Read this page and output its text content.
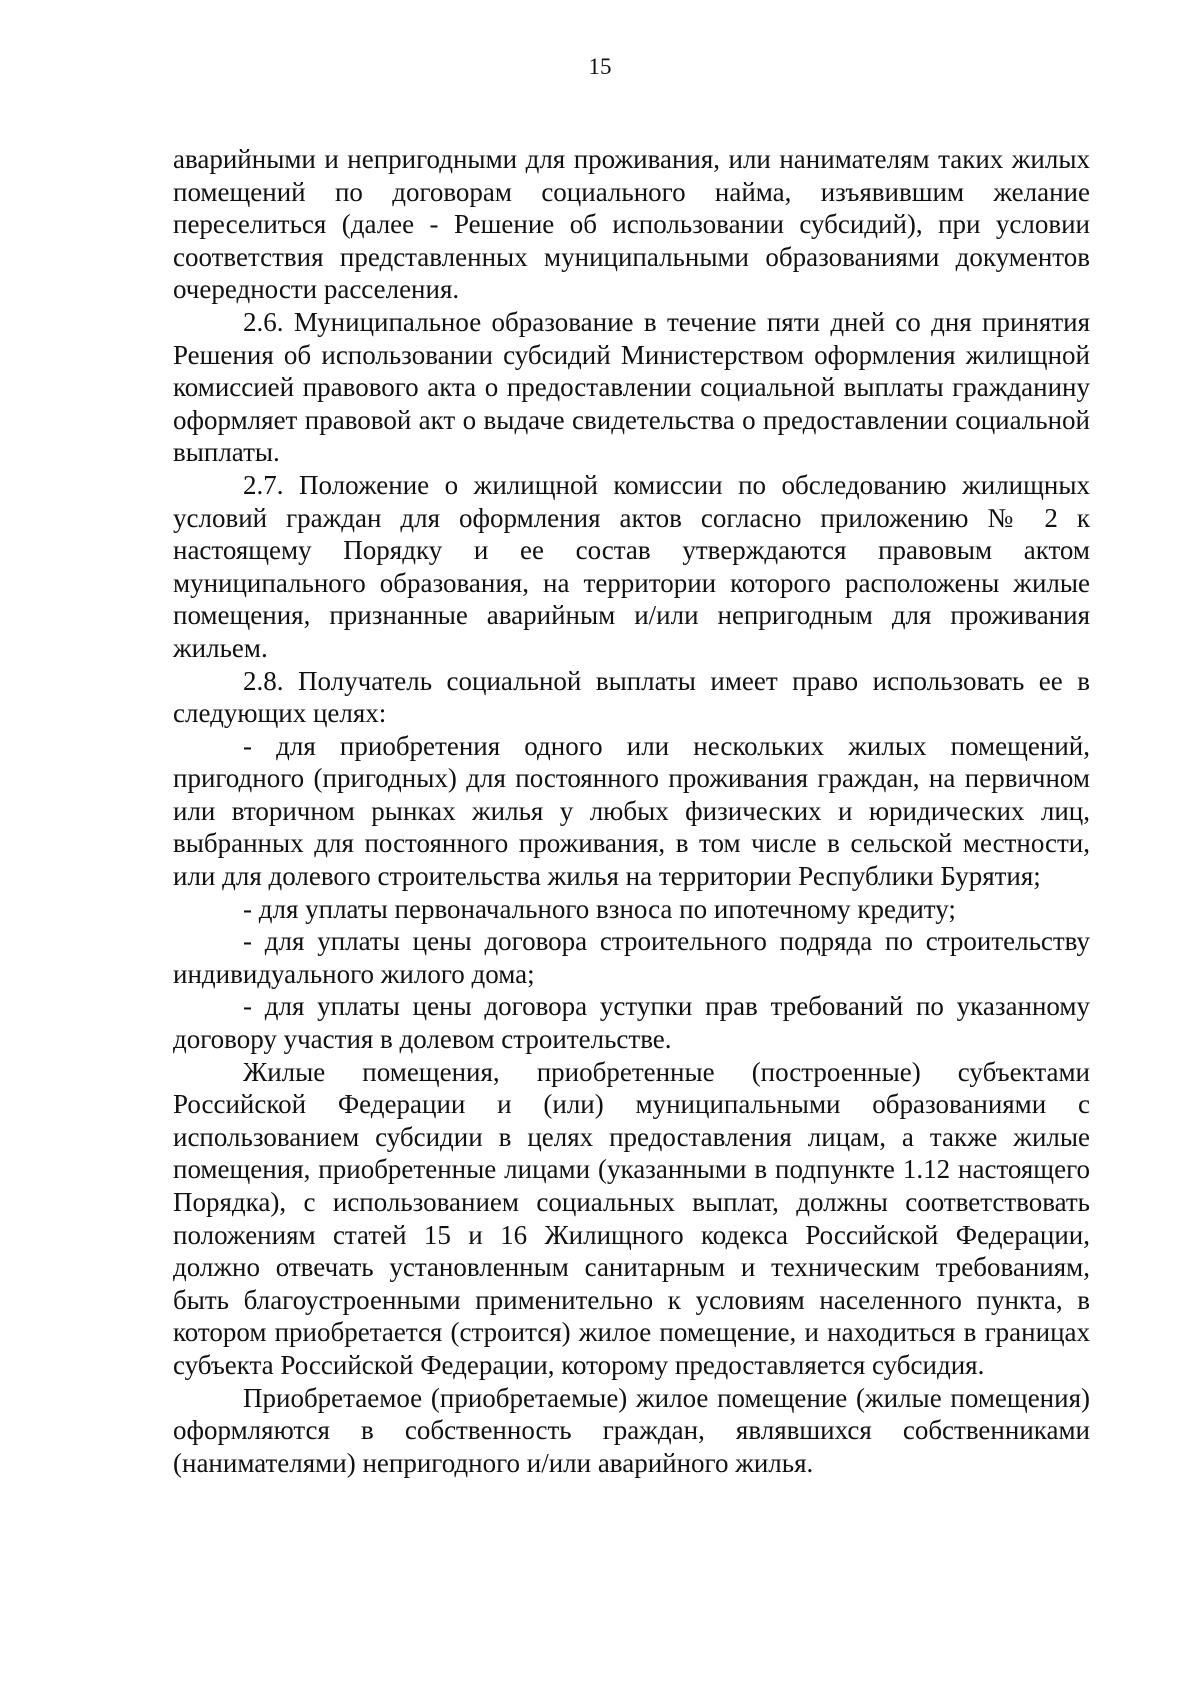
15

аварийными и непригодными для проживания, или нанимателям таких жилых помещений по договорам социального найма, изъявившим желание переселиться (далее - Решение об использовании субсидий), при условии соответствия представленных муниципальными образованиями документов очередности расселения.

2.6. Муниципальное образование в течение пяти дней со дня принятия Решения об использовании субсидий Министерством оформления жилищной комиссией правового акта о предоставлении социальной выплаты гражданину оформляет правовой акт о выдаче свидетельства о предоставлении социальной выплаты.

2.7. Положение о жилищной комиссии по обследованию жилищных условий граждан для оформления актов согласно приложению № 2 к настоящему Порядку и ее состав утверждаются правовым актом муниципального образования, на территории которого расположены жилые помещения, признанные аварийным и/или непригодным для проживания жильем.

2.8. Получатель социальной выплаты имеет право использовать ее в следующих целях:

- для приобретения одного или нескольких жилых помещений, пригодного (пригодных) для постоянного проживания граждан, на первичном или вторичном рынках жилья у любых физических и юридических лиц, выбранных для постоянного проживания, в том числе в сельской местности, или для долевого строительства жилья на территории Республики Бурятия;

- для уплаты первоначального взноса по ипотечному кредиту;

- для уплаты цены договора строительного подряда по строительству индивидуального жилого дома;

- для уплаты цены договора уступки прав требований по указанному договору участия в долевом строительстве.

Жилые помещения, приобретенные (построенные) субъектами Российской Федерации и (или) муниципальными образованиями с использованием субсидии в целях предоставления лицам, а также жилые помещения, приобретенные лицами (указанными в подпункте 1.12 настоящего Порядка), с использованием социальных выплат, должны соответствовать положениям статей 15 и 16 Жилищного кодекса Российской Федерации, должно отвечать установленным санитарным и техническим требованиям, быть благоустроенными применительно к условиям населенного пункта, в котором приобретается (строится) жилое помещение, и находиться в границах субъекта Российской Федерации, которому предоставляется субсидия.

Приобретаемое (приобретаемые) жилое помещение (жилые помещения) оформляются в собственность граждан, являвшихся собственниками (нанимателями) непригодного и/или аварийного жилья.
